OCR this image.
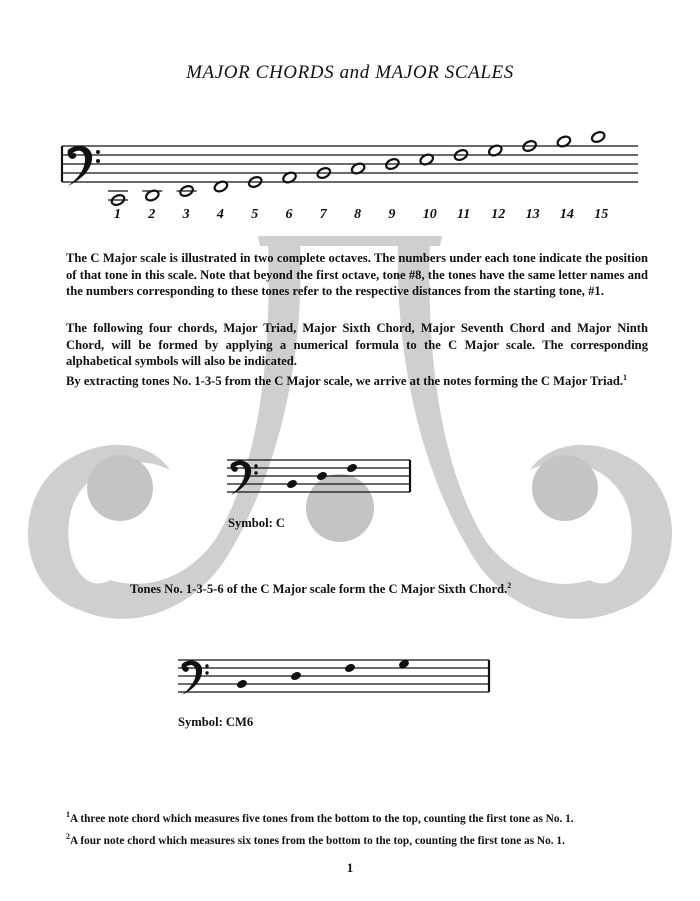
MAJOR CHORDS and MAJOR SCALES
1 2 3 4 5 6 7 8 9 10 11 12 13 14 15

The C Major scale is illustrated in two complete octaves. The numbers under each tone indicate the position of that tone in this scale. Note that beyond the first octave, tone #8, the tones have the same letter names and the numbers corresponding to these tones refer to the respective distances from the starting tone, #1.

The following four chords, Major Triad, Major Sixth Chord, Major Seventh Chord and Major Ninth Chord, will be formed by applying a numerical formula to the C Major scale. The corresponding alphabetical symbols will also be indicated.

By extracting tones No. 1-3-5 from the C Major scale, we arrive at the notes forming the C Major Triad.$^1$

Symbol: C

Tones No. 1-3-5-6 of the C Major scale form the C Major Sixth Chord.$^2$

Symbol: CM6

$^1$A three note chord which measures five tones from the bottom to the top, counting the first tone as No. 1.

$^2$A four note chord which measures six tones from the bottom to the top, counting the first tone as No. 1.

1
